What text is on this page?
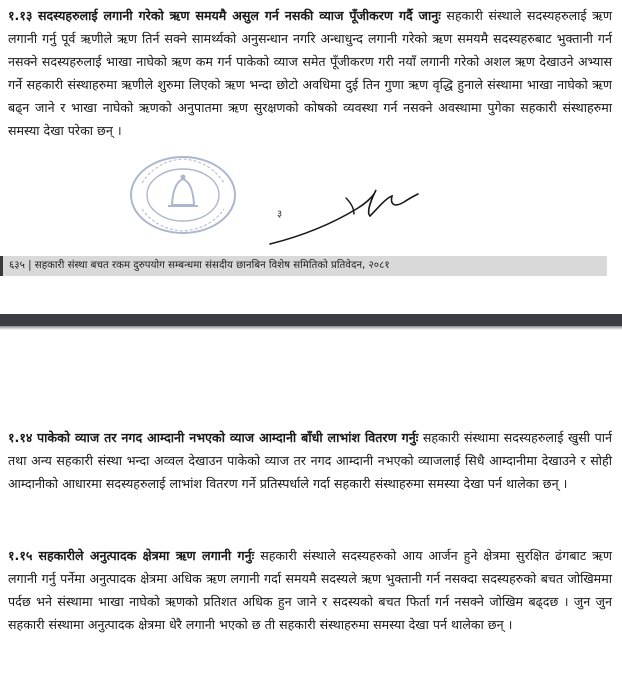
१.१३ सदस्यहरुलाई लगानी गरेको ऋण समयमै असुल गर्न नसकी व्याज पूँजीकरण गर्दै जानुः सहकारी संस्थाले सदस्यहरुलाई ऋण लगानी गर्नु पूर्व ऋणीले ऋण तिर्न सक्ने सामर्थ्यको अनुसन्धान नगरि अन्धाधुन्द लगानी गरेको ऋण समयमै सदस्यहरुबाट भुक्तानी गर्न नसक्ने सदस्यहरुलाई भाखा नाघेको ऋण कम गर्न पाकेको व्याज समेत पूँजीकरण गरी नयाँ लगानी गरेको अशल ऋण देखाउने अभ्यास गर्ने सहकारी संस्थाहरुमा ऋणीले शुरुमा लिएको ऋण भन्दा छोटो अवधिमा दुई तिन गुणा ऋण वृद्धि हुनाले संस्थामा भाखा नाघेको ऋण बढ्न जाने र भाखा नाघेको ऋणको अनुपातमा ऋण सुरक्षणको कोषको व्यवस्था गर्न नसक्ने अवस्थामा पुगेका सहकारी संस्थाहरुमा समस्या देखा परेका छन् ।

३
६३५ | सहकारी संस्था बचत रकम दुरुपयोग सम्बन्धमा संसदीय छानबिन विशेष समितिको प्रतिवेदन, २०८१

१.१४ पाकेको व्याज तर नगद आम्दानी नभएको व्याज आम्दानी बाँधी लाभांश वितरण गर्नुः सहकारी संस्थामा सदस्यहरुलाई खुसी पार्न तथा अन्य सहकारी संस्था भन्दा अव्वल देखाउन पाकेको व्याज तर नगद आम्दानी नभएको व्याजलाई सिधै आम्दानीमा देखाउने र सोही आम्दानीको आधारमा सदस्यहरुलाई लाभांश वितरण गर्ने प्रतिस्पर्धाले गर्दा सहकारी संस्थाहरुमा समस्या देखा पर्न थालेका छन् ।

१.१५ सहकारीले अनुत्पादक क्षेत्रमा ऋण लगानी गर्नुः सहकारी संस्थाले सदस्यहरुको आय आर्जन हुने क्षेत्रमा सुरक्षित ढंगबाट ऋण लगानी गर्नु पर्नेमा अनुत्पादक क्षेत्रमा अधिक ऋण लगानी गर्दा समयमै सदस्यले ऋण भुक्तानी गर्न नसक्दा सदस्यहरुको बचत जोखिममा पर्दछ भने संस्थामा भाखा नाघेको ऋणको प्रतिशत अधिक हुन जाने र सदस्यको बचत फिर्ता गर्न नसक्ने जोखिम बढ्दछ । जुन जुन सहकारी संस्थामा अनुत्पादक क्षेत्रमा धेरै लगानी भएको छ ती सहकारी संस्थाहरुमा समस्या देखा पर्न थालेका छन् ।
